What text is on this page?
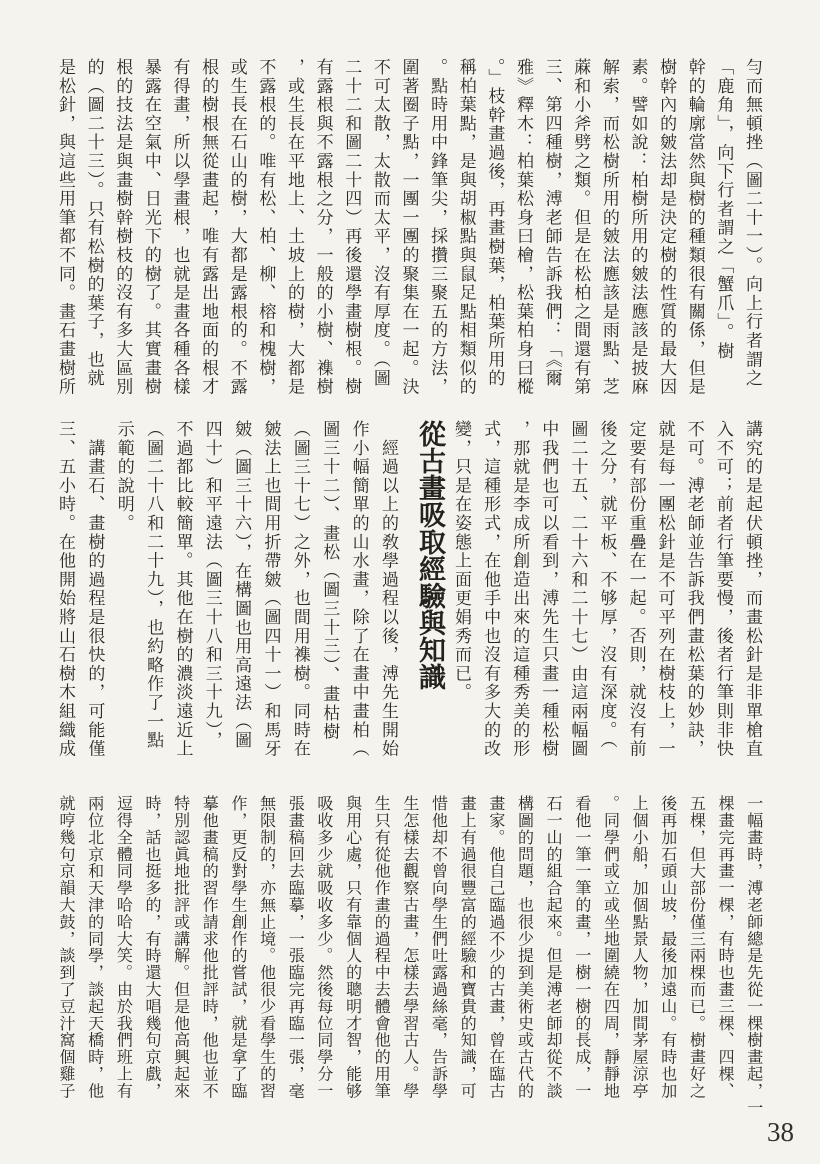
勻而無頓挫（圖二十一）。向上行者謂之
「鹿角」，向下行者謂之「蟹爪」。樹
幹的輪廓當然與樹的種類很有關係，但是
樹幹內的皴法却是決定樹的性質的最大因
素。譬如說：柏樹所用的皴法應該是披麻
解索，而松樹所用的皴法應該是雨點、芝
蔴和小斧劈之類。但是在松柏之間還有第
三、第四種樹，溥老師告訴我們：「《爾
雅》釋木：柏葉松身曰檜，松葉柏身曰樅
。」枝幹畫過後，再畫樹葉，柏葉所用的
稱柏葉點，是與胡椒點與鼠足點相類似的
。點時用中鋒筆尖，採攢三聚五的方法，
圍著圈子點，一團一團的聚集在一起。決
不可太散，太散而太平，沒有厚度。（圖
二十二和圖二十四）再後還學畫樹根。樹
有露根與不露根之分，一般的小樹、襍樹
，或生長在平地上、土坡上的樹，大都是
不露根的。唯有松、柏、柳、榕和槐樹，
或生長在石山的樹，大都是露根的。不露
根的樹根無從畫起，唯有露出地面的根才
有得畫，所以學畫根，也就是畫各種各樣
暴露在空氣中、日光下的樹了。其實畫樹
根的技法是與畫樹幹樹枝的沒有多大區別
的（圖二十三）。只有松樹的葉子，也就
是松針，與這些用筆都不同。畫石畫樹所
講究的是起伏頓挫，而畫松針是非單槍直
入不可；前者行筆要慢，後者行筆則非快
不可。溥老師並告訴我們畫松葉的妙訣，
就是每一團松針是不可平列在樹枝上，一
定要有部份重疊在一起。否則，就沒有前
後之分，就平板、不够厚，沒有深度。（
圖二十五、二十六和二十七）由這兩幅圖
中我們也可以看到，溥先生只畫一種松樹
，那就是李成所創造出來的這種秀美的形
式，這種形式，在他手中也沒有多大的改
變，只是在姿態上面更娟秀而已。
從古畫吸取經驗與知識
　經過以上的敎學過程以後，溥先生開始
作小幅簡單的山水畫，除了在畫中畫柏（
圖三十二）、畫松（圖三十三）、畫枯樹
（圖三十七）之外，也間用襍樹。同時在
皴法上也間用折帶皴（圖四十一）和馬牙
皴（圖三十六），在構圖也用高遠法（圖
四十）和平遠法（圖三十八和三十九），
不過都比較簡單。其他在樹的濃淡遠近上
（圖二十八和二十九），也約略作了一點
示範的說明。
　講畫石、畫樹的過程是很快的，可能僅
三、五小時。在他開始將山石樹木組織成
一幅畫時，溥老師總是先從一棵樹畫起，一
棵畫完再畫一棵，有時也畫三棵、四棵、
五棵，但大部份僅三兩棵而已。樹畫好之
後再加石頭山坡，最後加遠山。有時也加
上個小船，加個點景人物，加間茅屋涼亭
。同學們或立或坐地圍繞在四周，靜靜地
看他一筆一筆的畫，一樹一樹的長成，一
石一山的組合起來。但是溥老師却從不談
構圖的問題，也很少提到美術史或古代的
畫家。他自己臨過不少的古畫，曾在臨古
畫上有過很豐富的經驗和寶貴的知識，可
惜他却不曾向學生們吐露過絲毫，告訴學
生怎樣去觀察古畫，怎樣去學習古人。學
生只有從他作畫的過程中去體會他的用筆
與用心處，只有靠個人的聰明才智，能够
吸收多少就吸收多少。然後每位同學分一
張畫稿回去臨摹，一張臨完再臨一張，毫
無限制的，亦無止境。他很少看學生的習
作，更反對學生創作的嘗試，就是拿了臨
摹他畫稿的習作請求他批評時，他也並不
特別認眞地批評或講解。但是他高興起來
時，話也挺多的，有時還大唱幾句京戲，
逗得全體同學哈哈大笑。由於我們班上有
兩位北京和天津的同學，談起天橋時，他
就哼幾句京韻大鼓，談到了豆汁窩個雞子
38
